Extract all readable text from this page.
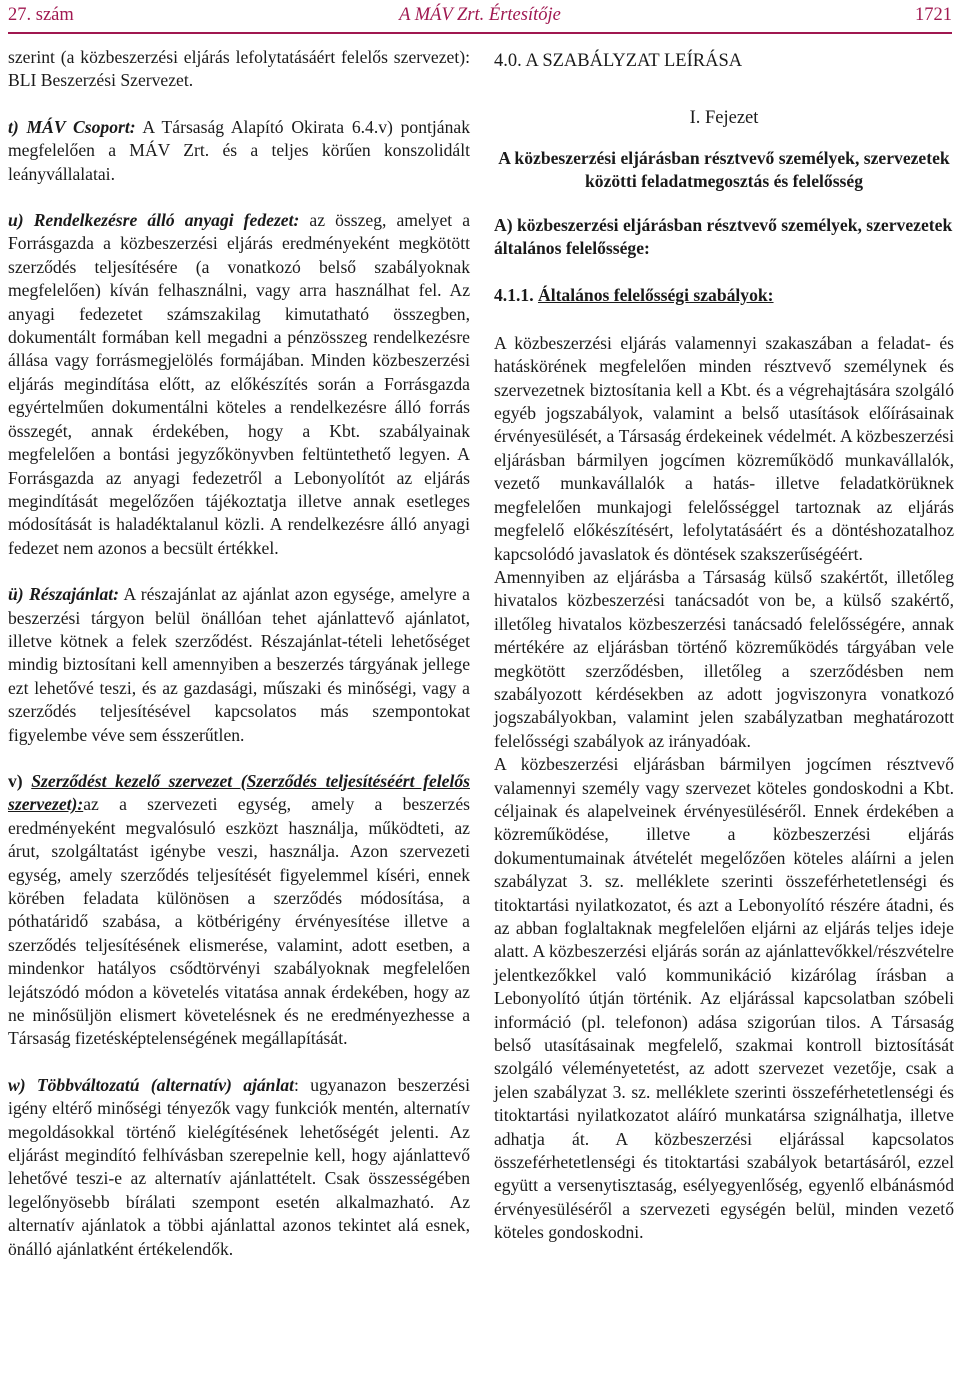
27. szám	A MÁV Zrt. Értesítője	1721

szerint (a közbeszerzési eljárás lefolytatásáért felelős szervezet): BLI Beszerzési Szervezet.

t) MÁV Csoport: A Társaság Alapító Okirata 6.4.v) pontjának megfelelően a MÁV Zrt. és a teljes körűen konszolidált leányvállalatai.

u) Rendelkezésre álló anyagi fedezet: az összeg, amelyet a Forrásgazda a közbeszerzési eljárás eredményeként megkötött szerződés teljesítésére (a vonatkozó belső szabályoknak megfelelően) kíván felhasználni, vagy arra használhat fel. Az anyagi fedezetet számszakilag kimutatható összegben, dokumentált formában kell megadni a pénzösszeg rendelkezésre állása vagy forrásmegjelölés formájában. Minden közbeszerzési eljárás megindítása előtt, az előkészítés során a Forrásgazda egyértelműen dokumentálni köteles a rendelkezésre álló forrás összegét, annak érdekében, hogy a Kbt. szabályainak megfelelően a bontási jegyzőkönyvben feltüntethető legyen. A Forrásgazda az anyagi fedezetről a Lebonyolítót az eljárás megindítását megelőzően tájékoztatja illetve annak esetleges módosítását is haladéktalanul közli. A rendelkezésre álló anyagi fedezet nem azonos a becsült értékkel.

ü) Részajánlat: A részajánlat az ajánlat azon egysége, amelyre a beszerzési tárgyon belül önállóan tehet ajánlattevő ajánlatot, illetve kötnek a felek szerződést. Részajánlat-tételi lehetőséget mindig biztosítani kell amennyiben a beszerzés tárgyának jellege ezt lehetővé teszi, és az gazdasági, műszaki és minőségi, vagy a szerződés teljesítésével kapcsolatos más szempontokat figyelembe véve sem ésszerűtlen.

v) Szerződést kezelő szervezet (Szerződés teljesítéséért felelős szervezet):az a szervezeti egység, amely a beszerzés eredményeként megvalósuló eszközt használja, működteti, az árut, szolgáltatást igénybe veszi, használja. Azon szervezeti egység, amely szerződés teljesítését figyelemmel kíséri, ennek körében feladata különösen a szerződés módosítása, a póthatáridő szabása, a kötbérigény érvényesítése illetve a szerződés teljesítésének elismerése, valamint, adott esetben, a mindenkor hatályos csődtörvényi szabályoknak megfelelően lejátszódó módon a követelés vitatása annak érdekében, hogy az ne minősüljön elismert követelésnek és ne eredményezhesse a Társaság fizetésképtelenségének megállapítását.

w) Többváltozatú (alternatív) ajánlat: ugyanazon beszerzési igény eltérő minőségi tényezők vagy funkciók mentén, alternatív megoldásokkal történő kielégítésének lehetőségét jelenti. Az eljárást megindító felhívásban szerepelnie kell, hogy ajánlattevő lehetővé teszi-e az alternatív ajánlattételt. Csak összességében legelőnyösebb bírálati szempont esetén alkalmazható. Az alternatív ajánlatok a többi ajánlattal azonos tekintet alá esnek, önálló ajánlatként értékelendők.

4.0. A SZABÁLYZAT LEÍRÁSA

I. Fejezet

A közbeszerzési eljárásban résztvevő személyek, szervezetek közötti feladatmegosztás és felelősség

A) közbeszerzési eljárásban résztvevő személyek, szervezetek általános felelőssége:

4.1.1. Általános felelősségi szabályok:

A közbeszerzési eljárás valamennyi szakaszában a feladat- és hatáskörének megfelelően minden résztvevő személynek és szervezetnek biztosítania kell a Kbt. és a végrehajtására szolgáló egyéb jogszabályok, valamint a belső utasítások előírásainak érvényesülését, a Társaság érdekeinek védelmét. A közbeszerzési eljárásban bármilyen jogcímen közreműködő munkavállalók, vezető munkavállalók a hatás- illetve feladatkörüknek megfelelően munkajogi felelősséggel tartoznak az eljárás megfelelő előkészítésért, lefolytatásáért és a döntéshozatalhoz kapcsolódó javaslatok és döntések szakszerűségéért.

Amennyiben az eljárásba a Társaság külső szakértőt, illetőleg hivatalos közbeszerzési tanácsadót von be, a külső szakértő, illetőleg hivatalos közbeszerzési tanácsadó felelősségére, annak mértékére az eljárásban történő közreműködés tárgyában vele megkötött szerződésben, illetőleg a szerződésben nem szabályozott kérdésekben az adott jogviszonyra vonatkozó jogszabályokban, valamint jelen szabályzatban meghatározott felelősségi szabályok az irányadóak.

A közbeszerzési eljárásban bármilyen jogcímen résztvevő valamennyi személy vagy szervezet köteles gondoskodni a Kbt. céljainak és alapelveinek érvényesüléséről. Ennek érdekében a közreműködése, illetve a közbeszerzési eljárás dokumentumainak átvételét megelőzően köteles aláírni a jelen szabályzat 3. sz. melléklete szerinti összeférhetetlenségi és titoktartási nyilatkozatot, és azt a Lebonyolító részére átadni, és az abban foglaltaknak megfelelően eljárni az eljárás teljes ideje alatt. A közbeszerzési eljárás során az ajánlattevőkkel/részvételre jelentkezőkkel való kommunikáció kizárólag írásban a Lebonyolító útján történik. Az eljárással kapcsolatban szóbeli információ (pl. telefonon) adása szigorúan tilos. A Társaság belső utasításainak megfelelő, szakmai kontroll biztosítását szolgáló véleményetetést, az adott szervezet vezetője, csak a jelen szabályzat 3. sz. melléklete szerinti összeférhetetlenségi és titoktartási nyilatkozatot aláíró munkatársa szignálhatja, illetve adhatja át. A közbeszerzési eljárással kapcsolatos összeférhetetlenségi és titoktartási szabályok betartásáról, ezzel együtt a versenytisztaság, esélyegyenlőség, egyenlő elbánásmód érvényesüléséről a szervezeti egységén belül, minden vezető köteles gondoskodni.
